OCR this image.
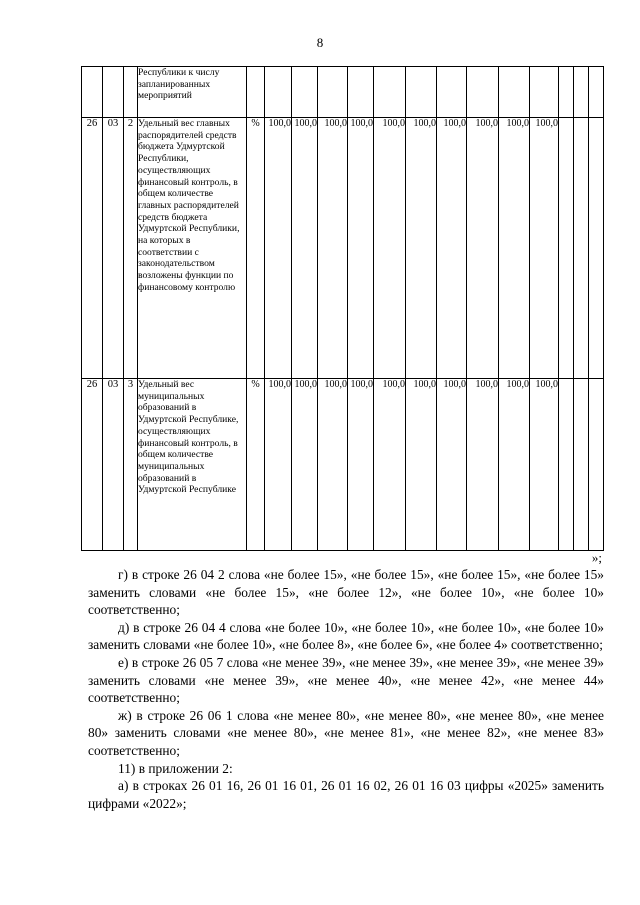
8
			Республики к числу запланированных мероприятий														
26	03	2	Удельный вес главных распорядителей средств бюджета Удмуртской Республики, осуществляющих финансовый контроль, в общем количестве главных распорядителей средств бюджета Удмуртской Республики, на которых в соответствии с законодательством возложены функции по финансовому контролю	%	100,0	100,0	100,0	100,0	100,0	100,0	100,0	100,0	100,0	100,0			
26	03	3	Удельный вес муниципальных образований в Удмуртской Республике, осуществляющих финансовый контроль, в общем количестве муниципальных образований в Удмуртской Республике	%	100,0	100,0	100,0	100,0	100,0	100,0	100,0	100,0	100,0	100,0			
»;

г) в строке 26 04 2 слова «не более 15», «не более 15», «не более 15», «не более 15» заменить словами «не более 15», «не более 12», «не более 10», «не более 10» соответственно;

д) в строке 26 04 4 слова «не более 10», «не более 10», «не более 10», «не более 10» заменить словами «не более 10», «не более 8», «не более 6», «не более 4» соответственно;

е) в строке 26 05 7 слова «не менее 39», «не менее 39», «не менее 39», «не менее 39» заменить словами «не менее 39», «не менее 40», «не менее 42», «не менее 44» соответственно;

ж) в строке 26 06 1 слова «не менее 80», «не менее 80», «не менее 80», «не менее 80» заменить словами «не менее 80», «не менее 81», «не менее 82», «не менее 83» соответственно;

11) в приложении 2:

а) в строках 26 01 16, 26 01 16 01, 26 01 16 02, 26 01 16 03 цифры «2025» заменить цифрами «2022»;
